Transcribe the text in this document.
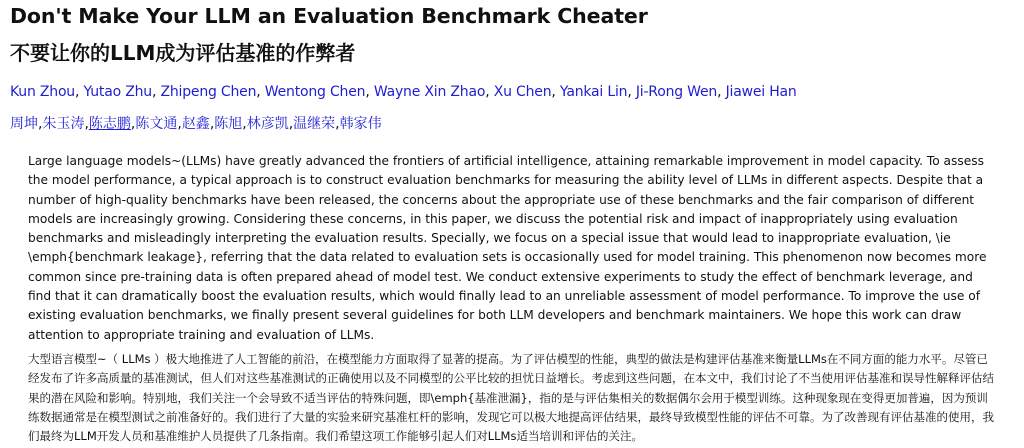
Don't Make Your LLM an Evaluation Benchmark Cheater
不要让你的LLM成为评估基准的作弊者
Kun Zhou, Yutao Zhu, Zhipeng Chen, Wentong Chen, Wayne Xin Zhao, Xu Chen, Yankai Lin, Ji-Rong Wen, Jiawei Han
周坤,朱玉涛,陈志鹏,陈文通,赵鑫,陈旭,林彦凯,温继荣,韩家伟

Large language models~(LLMs) have greatly advanced the frontiers of artificial intelligence, attaining remarkable improvement in model capacity. To assess the model performance, a typical approach is to construct evaluation benchmarks for measuring the ability level of LLMs in different aspects. Despite that a number of high-quality benchmarks have been released, the concerns about the appropriate use of these benchmarks and the fair comparison of different models are increasingly growing. Considering these concerns, in this paper, we discuss the potential risk and impact of inappropriately using evaluation benchmarks and misleadingly interpreting the evaluation results. Specially, we focus on a special issue that would lead to inappropriate evaluation, \ie \emph{benchmark leakage}, referring that the data related to evaluation sets is occasionally used for model training. This phenomenon now becomes more common since pre-training data is often prepared ahead of model test. We conduct extensive experiments to study the effect of benchmark leverage, and find that it can dramatically boost the evaluation results, which would finally lead to an unreliable assessment of model performance. To improve the use of existing evaluation benchmarks, we finally present several guidelines for both LLM developers and benchmark maintainers. We hope this work can draw attention to appropriate training and evaluation of LLMs.

大型语言模型~（ LLMs ）极大地推进了人工智能的前沿，在模型能力方面取得了显著的提高。为了评估模型的性能，典型的做法是构建评估基准来衡量LLMs在不同方面的能力水平。尽管已经发布了许多高质量的基准测试，但人们对这些基准测试的正确使用以及不同模型的公平比较的担忧日益增长。考虑到这些问题，在本文中，我们讨论了不当使用评估基准和误导性解释评估结果的潜在风险和影响。特别地，我们关注一个会导致不适当评估的特殊问题，即\emph{基准泄漏}，指的是与评估集相关的数据偶尔会用于模型训练。这种现象现在变得更加普遍，因为预训练数据通常是在模型测试之前准备好的。我们进行了大量的实验来研究基准杠杆的影响，发现它可以极大地提高评估结果，最终导致模型性能的评估不可靠。为了改善现有评估基准的使用，我们最终为LLM开发人员和基准维护人员提供了几条指南。我们希望这项工作能够引起人们对LLMs适当培训和评估的关注。
